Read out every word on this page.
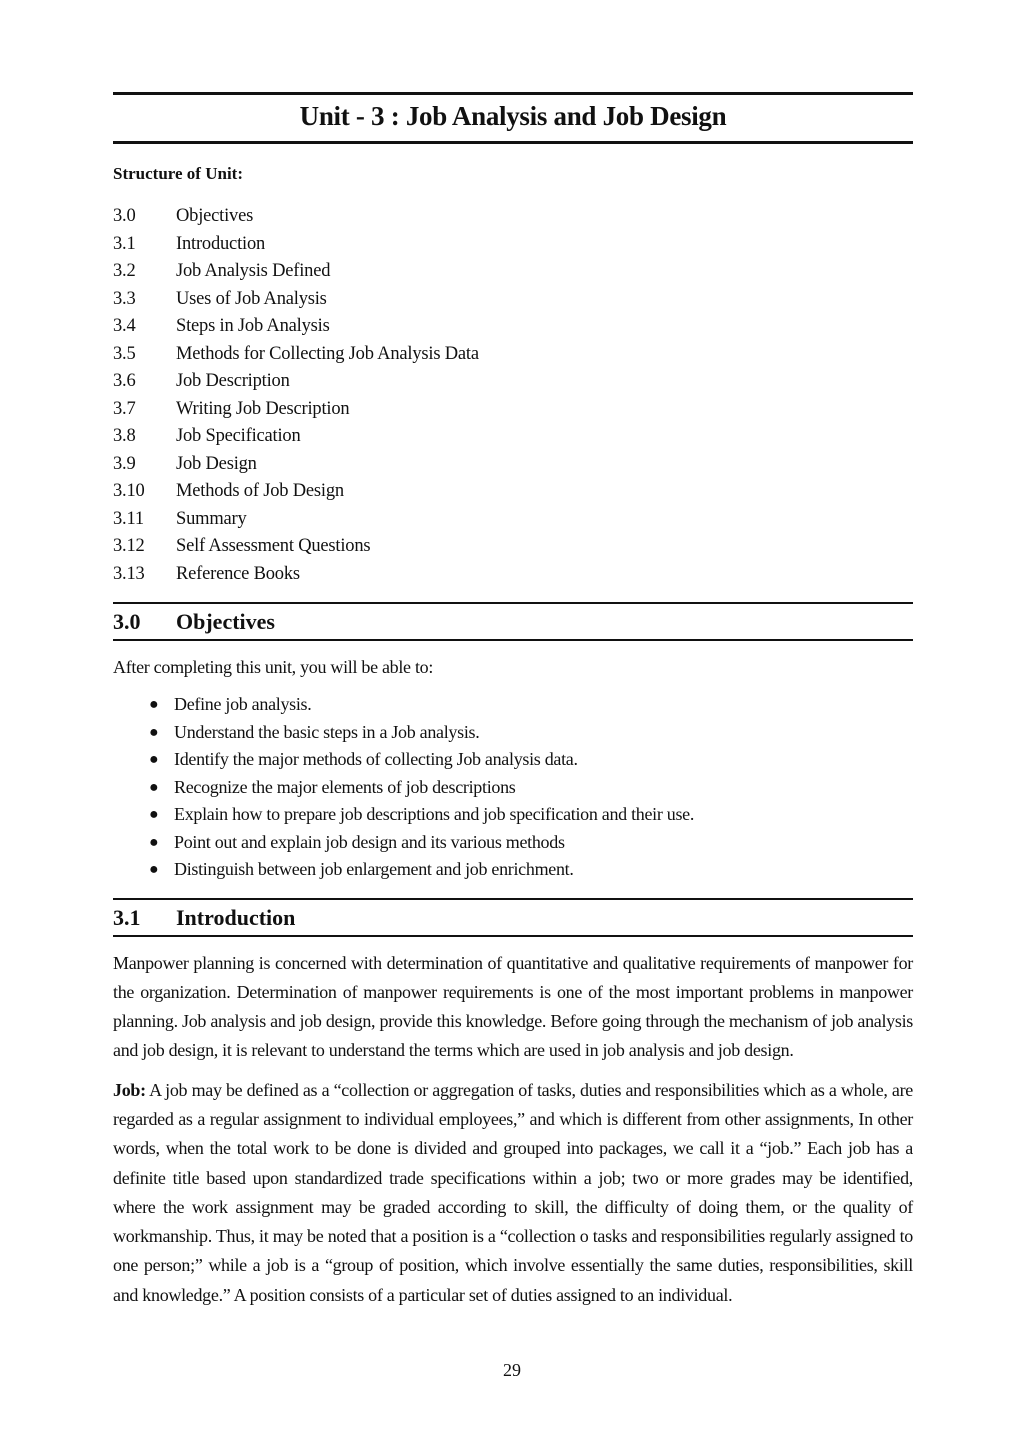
Unit - 3 : Job Analysis and Job Design
Structure of Unit:
3.0	Objectives
3.1	Introduction
3.2	Job Analysis Defined
3.3	Uses of Job Analysis
3.4	Steps in Job Analysis
3.5	Methods for Collecting Job Analysis Data
3.6	Job Description
3.7	Writing Job Description
3.8	Job Specification
3.9	Job Design
3.10	Methods of Job Design
3.11	Summary
3.12	Self Assessment Questions
3.13	Reference Books
3.0	Objectives
After completing this unit, you will be able to:
● Define job analysis.
● Understand the basic steps in a Job analysis.
● Identify the major methods of collecting Job analysis data.
● Recognize the major elements of job descriptions
● Explain how to prepare job descriptions and job specification and their use.
● Point out and explain job design and its various methods
● Distinguish between job enlargement and job enrichment.
3.1	Introduction

Manpower planning is concerned with determination of quantitative and qualitative requirements of manpower for the organization. Determination of manpower requirements is one of the most important problems in manpower planning. Job analysis and job design, provide this knowledge. Before going through the mechanism of job analysis and job design, it is relevant to understand the terms which are used in job analysis and job design.

Job: A job may be defined as a “collection or aggregation of tasks, duties and responsibilities which as a whole, are regarded as a regular assignment to individual employees,” and which is different from other assignments, In other words, when the total work to be done is divided and grouped into packages, we call it a “job.” Each job has a definite title based upon standardized trade specifications within a job; two or more grades may be identified, where the work assignment may be graded according to skill, the difficulty of doing them, or the quality of workmanship. Thus, it may be noted that a position is a “collection o tasks and responsibilities regularly assigned to one person;” while a job is a “group of position, which involve essentially the same duties, responsibilities, skill and knowledge.” A position consists of a particular set of duties assigned to an individual.

29
